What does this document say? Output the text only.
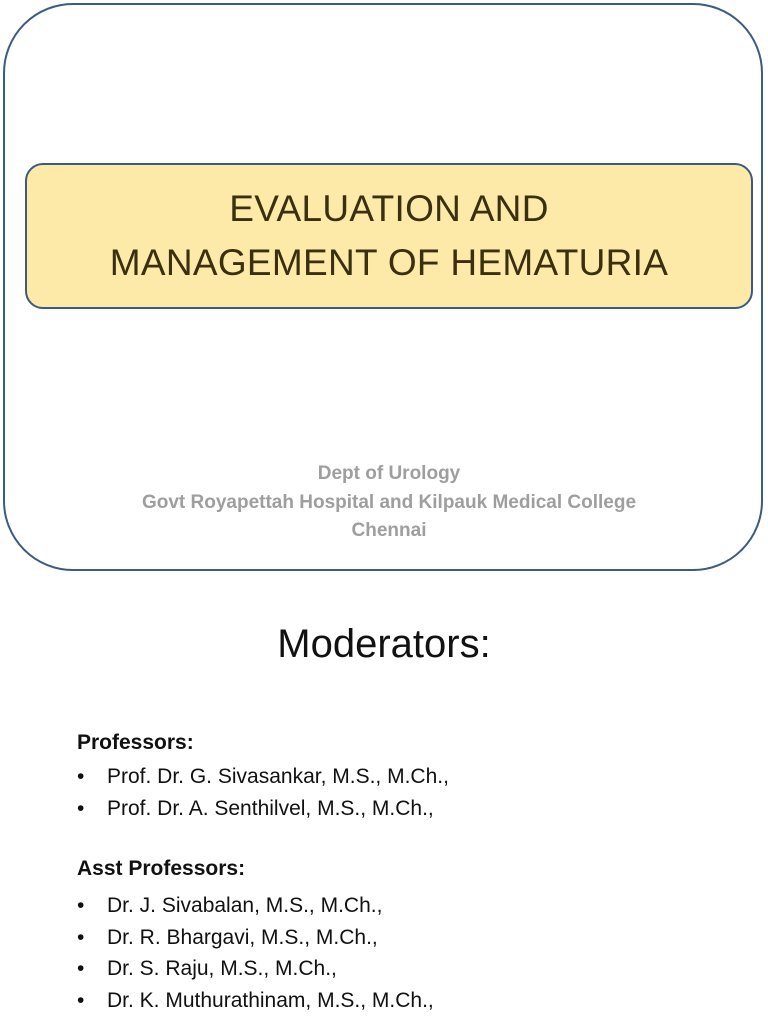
EVALUATION AND
MANAGEMENT OF HEMATURIA
Dept of Urology
Govt Royapettah Hospital and Kilpauk Medical College
Chennai
Moderators:
Professors:
• Prof. Dr. G. Sivasankar, M.S., M.Ch.,
• Prof. Dr. A. Senthilvel, M.S., M.Ch.,
Asst Professors:
• Dr. J. Sivabalan, M.S., M.Ch.,
• Dr. R. Bhargavi, M.S., M.Ch.,
• Dr. S. Raju, M.S., M.Ch.,
• Dr. K. Muthurathinam, M.S., M.Ch.,
